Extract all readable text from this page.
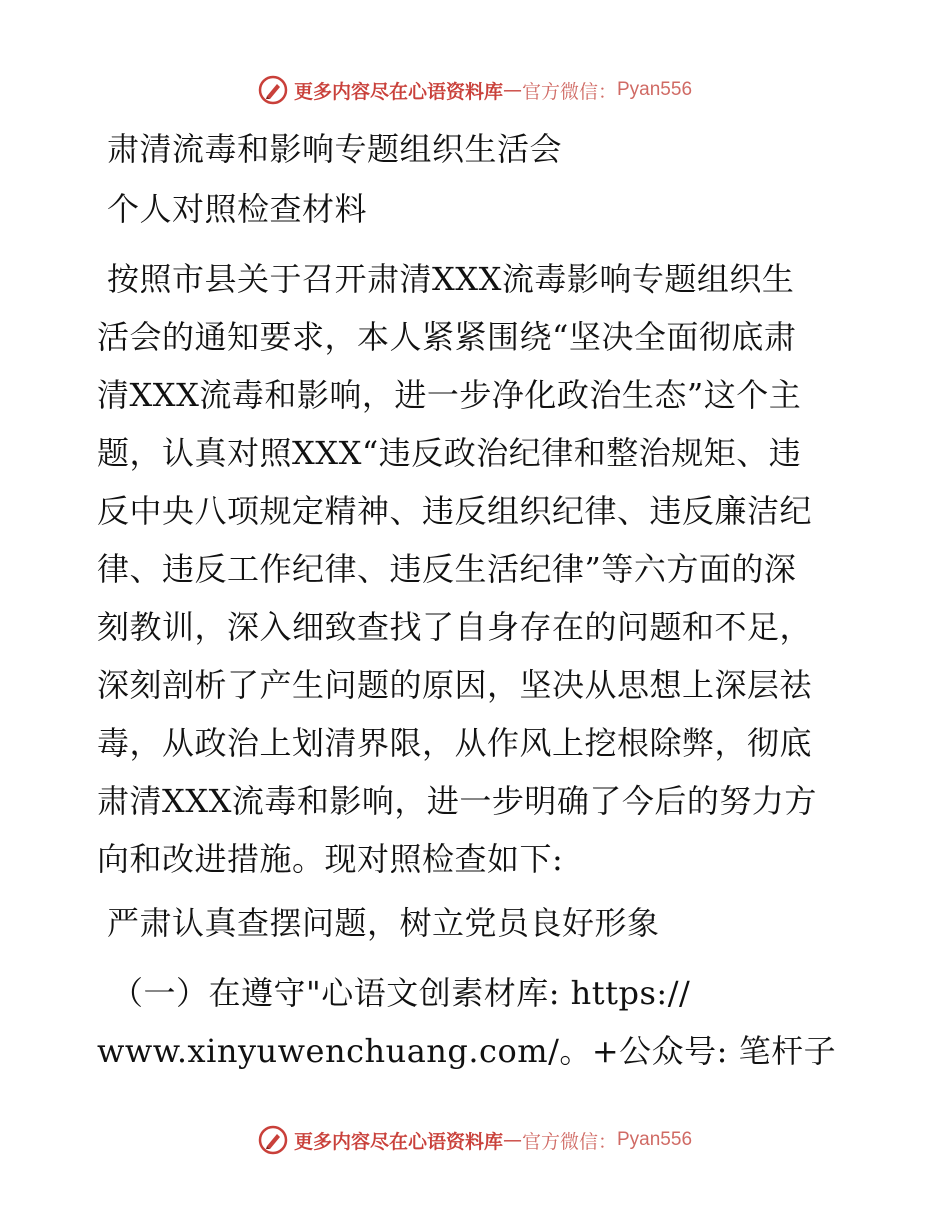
更多内容尽在心语资料库 — 官方微信： Pyan556
肃清流毒和影响专题组织生活会
个人对照检查材料
按照市县关于召开肃清XXX流毒影响专题组织生
活会的通知要求，本人紧紧围绕“坚决全面彻底肃
清XXX流毒和影响，进一步净化政治生态”这个主
题，认真对照XXX“违反政治纪律和整治规矩、违
反中央八项规定精神、违反组织纪律、违反廉洁纪
律、违反工作纪律、违反生活纪律”等六方面的深
刻教训，深入细致查找了自身存在的问题和不足，
深刻剖析了产生问题的原因，坚决从思想上深层祛
毒，从政治上划清界限，从作风上挖根除弊，彻底
肃清XXX流毒和影响，进一步明确了今后的努力方
向和改进措施。现对照检查如下:
严肃认真查摆问题，树立党员良好形象
（一）在遵守"心语文创素材库: https://
www.xinyuwenchuang.com/。+公众号: 笔杆子
更多内容尽在心语资料库 — 官方微信： Pyan556
